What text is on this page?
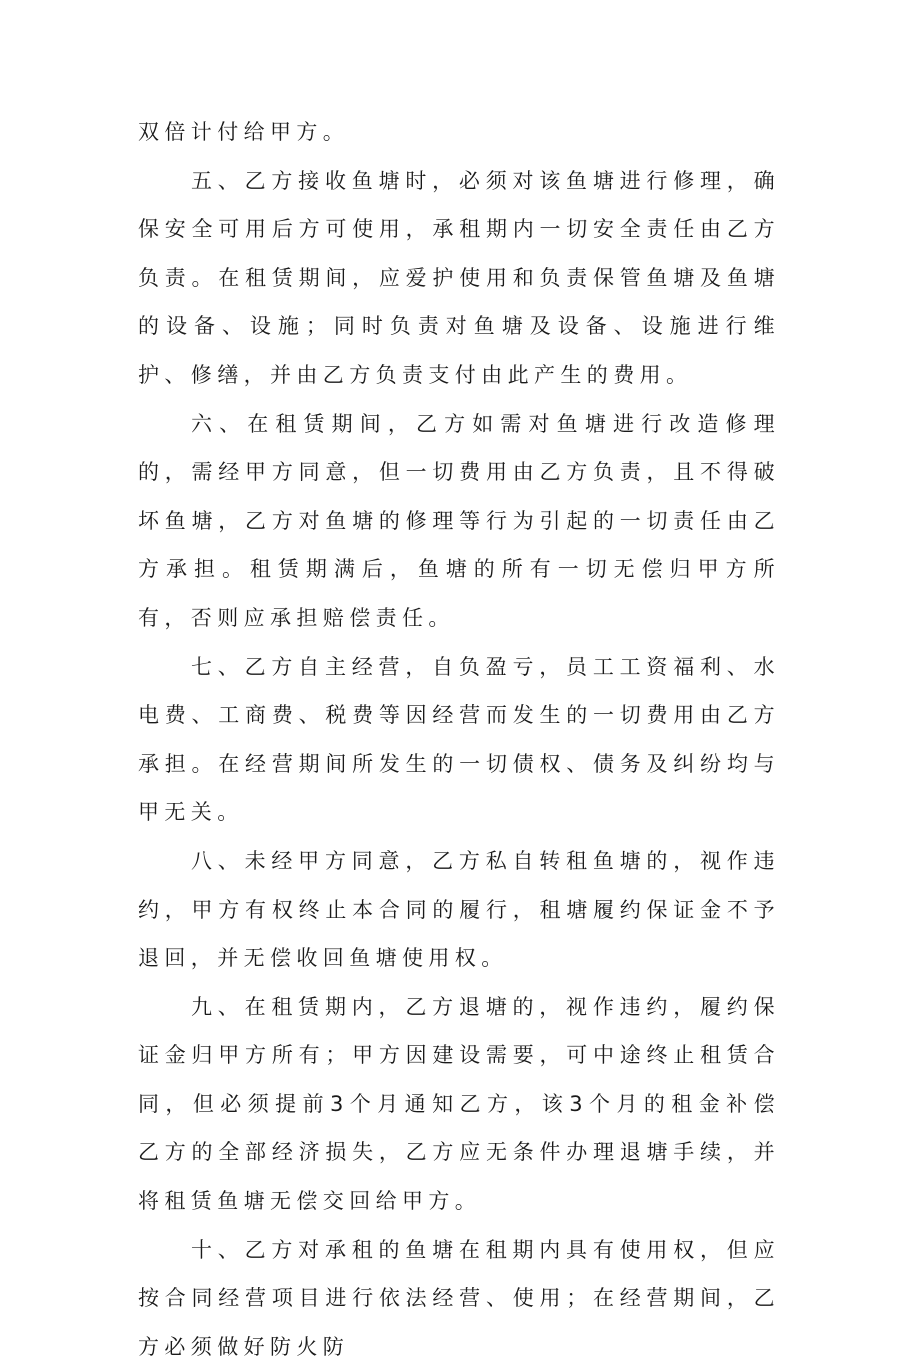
双倍计付给甲方。

五、乙方接收鱼塘时，必须对该鱼塘进行修理，确保安全可用后方可使用，承租期内一切安全责任由乙方负责。在租赁期间，应爱护使用和负责保管鱼塘及鱼塘的设备、设施；同时负责对鱼塘及设备、设施进行维护、修缮，并由乙方负责支付由此产生的费用。

六、在租赁期间，乙方如需对鱼塘进行改造修理的，需经甲方同意，但一切费用由乙方负责，且不得破坏鱼塘，乙方对鱼塘的修理等行为引起的一切责任由乙方承担。租赁期满后，鱼塘的所有一切无偿归甲方所有，否则应承担赔偿责任。

七、乙方自主经营，自负盈亏，员工工资福利、水电费、工商费、税费等因经营而发生的一切费用由乙方承担。在经营期间所发生的一切债权、债务及纠纷均与甲无关。

八、未经甲方同意，乙方私自转租鱼塘的，视作违约，甲方有权终止本合同的履行，租塘履约保证金不予退回，并无偿收回鱼塘使用权。

九、在租赁期内，乙方退塘的，视作违约，履约保证金归甲方所有；甲方因建设需要，可中途终止租赁合同，但必须提前3个月通知乙方，该3个月的租金补偿乙方的全部经济损失，乙方应无条件办理退塘手续，并将租赁鱼塘无偿交回给甲方。

十、乙方对承租的鱼塘在租期内具有使用权，但应按合同经营项目进行依法经营、使用；在经营期间，乙方必须做好防火防
